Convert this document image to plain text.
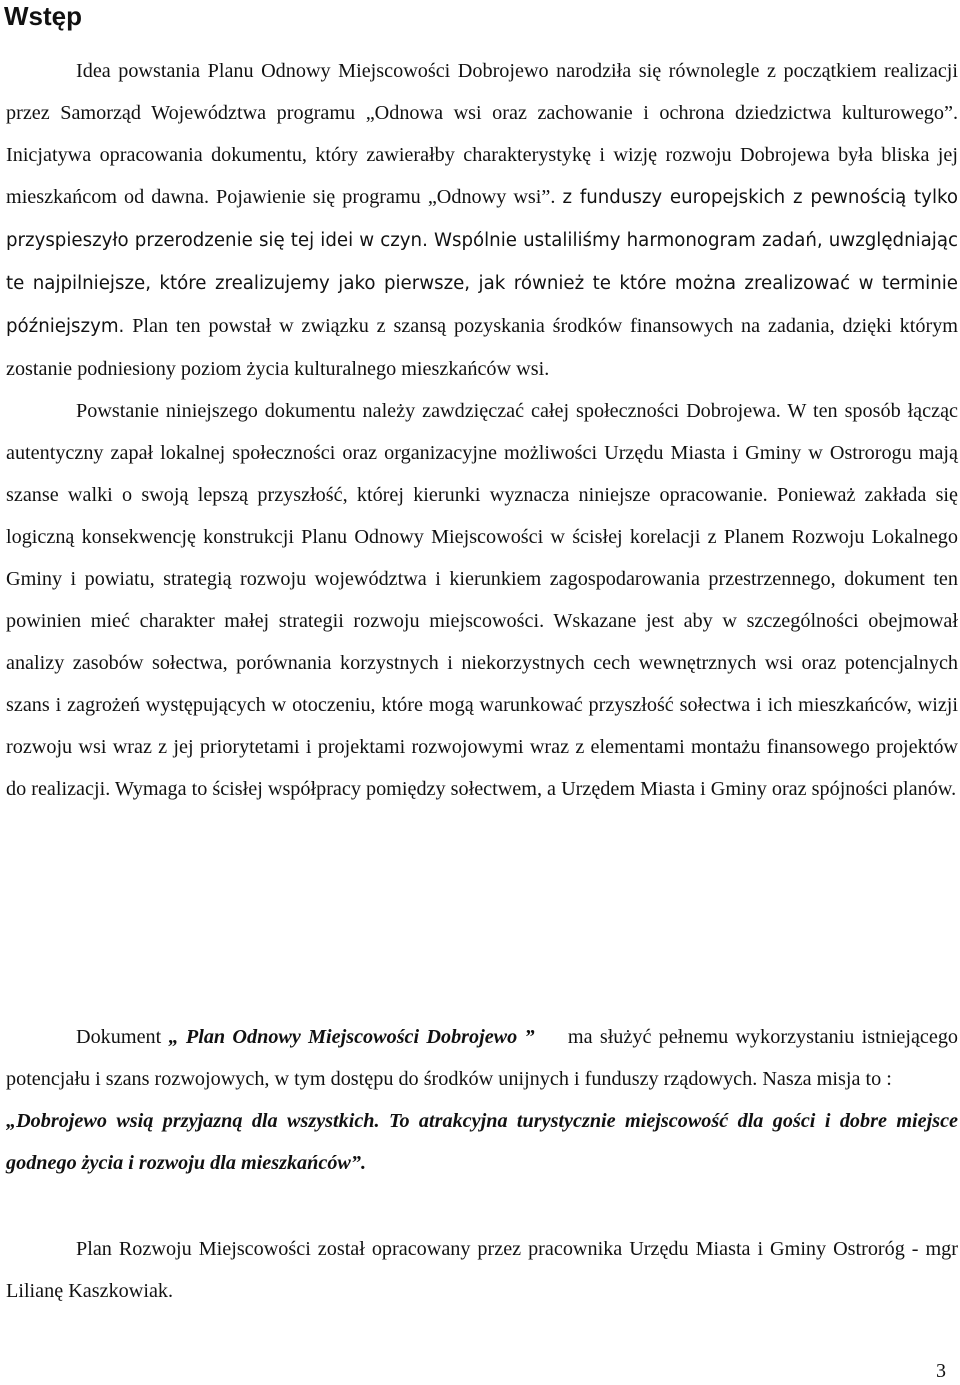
Wstęp

Idea powstania Planu Odnowy Miejscowości Dobrojewo narodziła się równolegle z początkiem realizacji przez Samorząd Województwa programu „Odnowa wsi oraz zachowanie i ochrona dziedzictwa kulturowego”. Inicjatywa opracowania dokumentu, który zawierałby charakterystykę i wizję rozwoju Dobrojewa była bliska jej mieszkańcom od dawna. Pojawienie się programu „Odnowy wsi”. z funduszy europejskich z pewnością tylko przyspieszyło przerodzenie się tej idei w czyn. Wspólnie ustaliliśmy harmonogram zadań, uwzględniając te najpilniejsze, które zrealizujemy jako pierwsze, jak również te które można zrealizować w terminie późniejszym. Plan ten powstał w związku z szansą pozyskania środków finansowych na zadania, dzięki którym zostanie podniesiony poziom życia kulturalnego mieszkańców wsi.

Powstanie niniejszego dokumentu należy zawdzięczać całej społeczności Dobrojewa. W ten sposób łącząc autentyczny zapał lokalnej społeczności oraz organizacyjne możliwości Urzędu Miasta i Gminy w Ostrorogu mają szanse walki o swoją lepszą przyszłość, której kierunki wyznacza niniejsze opracowanie. Ponieważ zakłada się logiczną konsekwencję konstrukcji Planu Odnowy Miejscowości w ścisłej korelacji z Planem Rozwoju Lokalnego Gminy i powiatu, strategią rozwoju województwa i kierunkiem zagospodarowania przestrzennego, dokument ten powinien mieć charakter małej strategii rozwoju miejscowości. Wskazane jest aby w szczególności obejmował analizy zasobów sołectwa, porównania korzystnych i niekorzystnych cech wewnętrznych wsi oraz potencjalnych szans i zagrożeń występujących w otoczeniu, które mogą warunkować przyszłość sołectwa i ich mieszkańców, wizji rozwoju wsi wraz z jej priorytetami i projektami rozwojowymi wraz z elementami montażu finansowego projektów do realizacji. Wymaga to ścisłej współpracy pomiędzy sołectwem, a Urzędem Miasta i Gminy oraz spójności planów.

Dokument „ Plan Odnowy Miejscowości Dobrojewo ” ma służyć pełnemu wykorzystaniu istniejącego potencjału i szans rozwojowych, w tym dostępu do środków unijnych i funduszy rządowych. Nasza misja to :

„Dobrojewo wsią przyjazną dla wszystkich. To atrakcyjna turystycznie miejscowość dla gości i dobre miejsce godnego życia i rozwoju dla mieszkańców”.

Plan Rozwoju Miejscowości został opracowany przez pracownika Urzędu Miasta i Gminy Ostroróg - mgr Lilianę Kaszkowiak.

3
